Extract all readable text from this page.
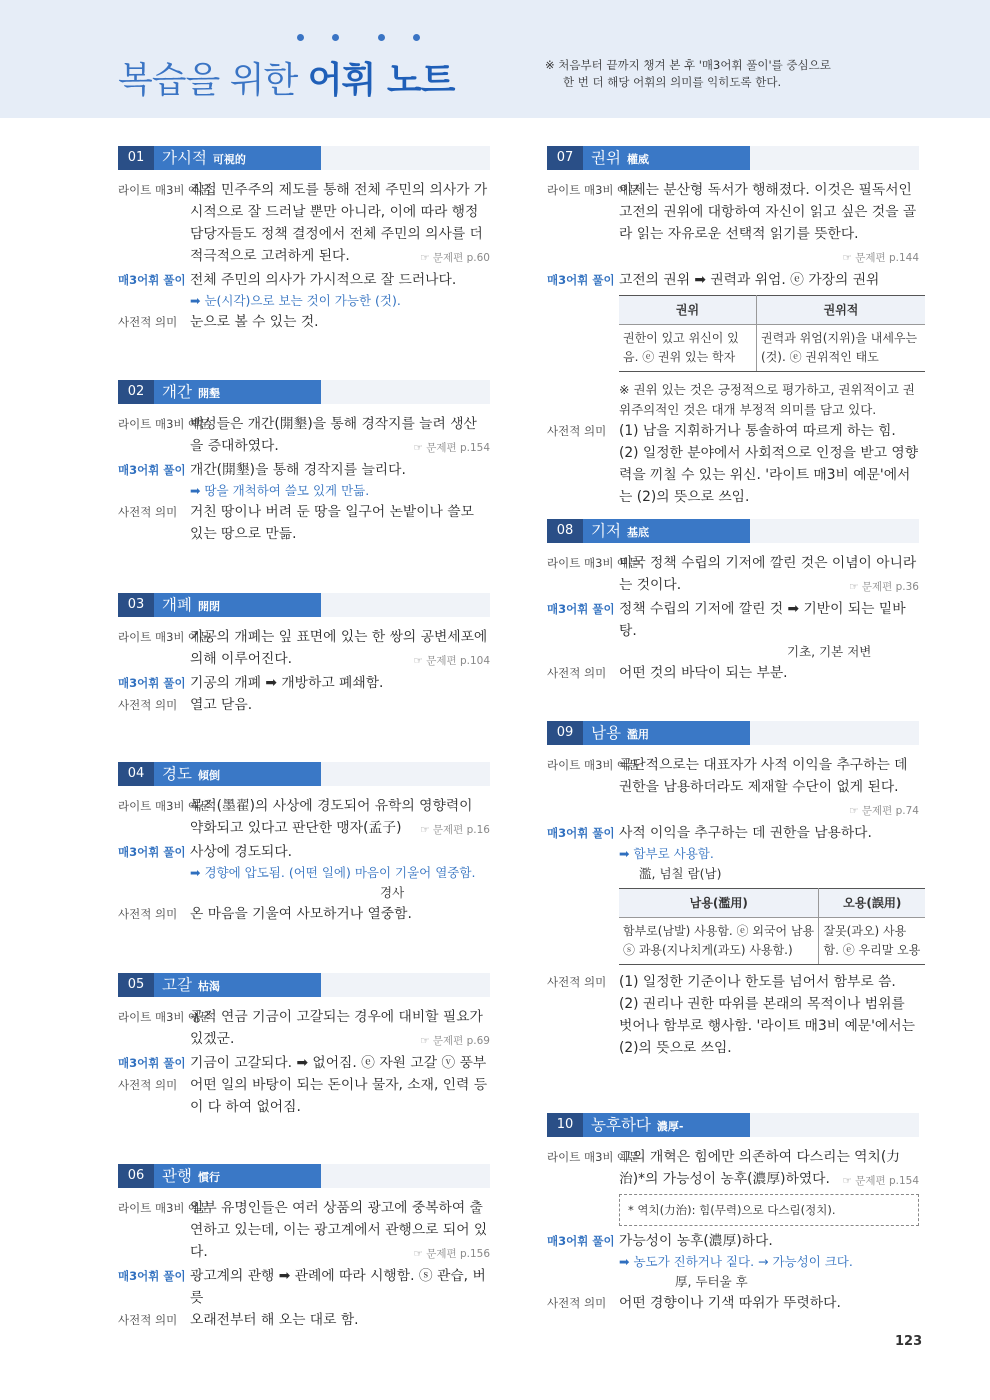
복습을 위한 어휘 노트	※ 처음부터 끝까지 챙겨 본 후 '매3어휘 풀이'를 중심으로
한 번 더 해당 어휘의 의미를 익히도록 한다.
01	가시적 可視的
라이트 매3비 예문
직접 민주주의 제도를 통해 전체 주민의 의사가 가시적으로 잘 드러날 뿐만 아니라, 이에 따라 행정 담당자들도 정책 결정에서 전체 주민의 의사를 더 적극적으로 고려하게 된다.	☞ 문제편 p.60
매3어휘 풀이 전체 주민의 의사가 가시적으로 잘 드러나다.
➡ 눈(시각)으로 보는 것이 가능한 (것).
사전적 의미 눈으로 볼 수 있는 것.
02	개간 開墾
라이트 매3비 예문
백성들은 개간(開墾)을 통해 경작지를 늘려 생산을 증대하였다.	☞ 문제편 p.154
매3어휘 풀이 개간(開墾)을 통해 경작지를 늘리다.
➡ 땅을 개척하여 쓸모 있게 만듦.
사전적 의미 거친 땅이나 버려 둔 땅을 일구어 논밭이나 쓸모 있는 땅으로 만듦.
03	개폐 開閉
라이트 매3비 예문
기공의 개폐는 잎 표면에 있는 한 쌍의 공변세포에 의해 이루어진다.	☞ 문제편 p.104
매3어휘 풀이 기공의 개폐 ➡ 개방하고 폐쇄함.
사전적 의미 열고 닫음.
04	경도 傾倒
라이트 매3비 예문
묵적(墨翟)의 사상에 경도되어 유학의 영향력이 약화되고 있다고 판단한 맹자(孟子) ☞ 문제편 p.16
매3어휘 풀이 사상에 경도되다.
➡ 경향에 압도됨. (어떤 일에) 마음이 기울어 열중함.
경사
사전적 의미 온 마음을 기울여 사모하거나 열중함.
05	고갈 枯渴
라이트 매3비 예문
공적 연금 기금이 고갈되는 경우에 대비할 필요가 있겠군.	☞ 문제편 p.69
매3어휘 풀이 기금이 고갈되다. ➡ 없어짐. ⓔ 자원 고갈 ⓥ 풍부
사전적 의미 어떤 일의 바탕이 되는 돈이나 물자, 소재, 인력 등이 다 하여 없어짐.
06	관행 慣行
라이트 매3비 예문
일부 유명인들은 여러 상품의 광고에 중복하여 출연하고 있는데, 이는 광고계에서 관행으로 되어 있다.	☞ 문제편 p.156
매3어휘 풀이 광고계의 관행 ➡ 관례에 따라 시행함. ⓢ 관습, 버릇
사전적 의미 오래전부터 해 오는 대로 함.
07	권위 權威
라이트 매3비 예문
이제는 분산형 독서가 행해졌다. 이것은 필독서인 고전의 권위에 대항하여 자신이 읽고 싶은 것을 골라 읽는 자유로운 선택적 읽기를 뜻한다.
☞ 문제편 p.144
매3어휘 풀이 고전의 권위 ➡ 권력과 위엄. ⓔ 가장의 권위
권위	권위적
권한이 있고 위신이 있음. ⓔ 권위 있는 학자	권력과 위엄(지위)을 내세우는 (것). ⓔ 권위적인 태도
※ 권위 있는 것은 긍정적으로 평가하고, 권위적이고 권위주의적인 것은 대개 부정적 의미를 담고 있다.
사전적 의미 (1) 남을 지휘하거나 통솔하여 따르게 하는 힘. (2) 일정한 분야에서 사회적으로 인정을 받고 영향력을 끼칠 수 있는 위신. '라이트 매3비 예문'에서는 (2)의 뜻으로 쓰임.
08	기저 基底
라이트 매3비 예문
미국 정책 수립의 기저에 깔린 것은 이념이 아니라는 것이다.	☞ 문제편 p.36
매3어휘 풀이 정책 수립의 기저에 깔린 것 ➡ 기반이 되는 밑바탕.
기초, 기본 저변
사전적 의미 어떤 것의 바닥이 되는 부분.
09	남용 濫用
라이트 매3비 예문
극단적으로는 대표자가 사적 이익을 추구하는 데 권한을 남용하더라도 제재할 수단이 없게 된다.
☞ 문제편 p.74
매3어휘 풀이 사적 이익을 추구하는 데 권한을 남용하다.
➡ 함부로 사용함.
濫, 넘칠 람(남)
남용(濫用)	오용(誤用)
함부로(남발) 사용함. ⓔ 외국어 남용 ⓢ 과용(지나치게(과도) 사용함.)	잘못(과오) 사용함. ⓔ 우리말 오용
사전적 의미 (1) 일정한 기준이나 한도를 넘어서 함부로 씀. (2) 권리나 권한 따위를 본래의 목적이나 범위를 벗어나 함부로 행사함. '라이트 매3비 예문'에서는 (2)의 뜻으로 쓰임.
10	농후하다 濃厚-
라이트 매3비 예문
그의 개혁은 힘에만 의존하여 다스리는 역치(力治)*의 가능성이 농후(濃厚)하였다. ☞ 문제편 p.154
* 역치(力治): 힘(무력)으로 다스림(정치).
매3어휘 풀이 가능성이 농후(濃厚)하다.
➡ 농도가 진하거나 짙다. → 가능성이 크다.
厚, 두터울 후
사전적 의미 어떤 경향이나 기색 따위가 뚜렷하다.
123
